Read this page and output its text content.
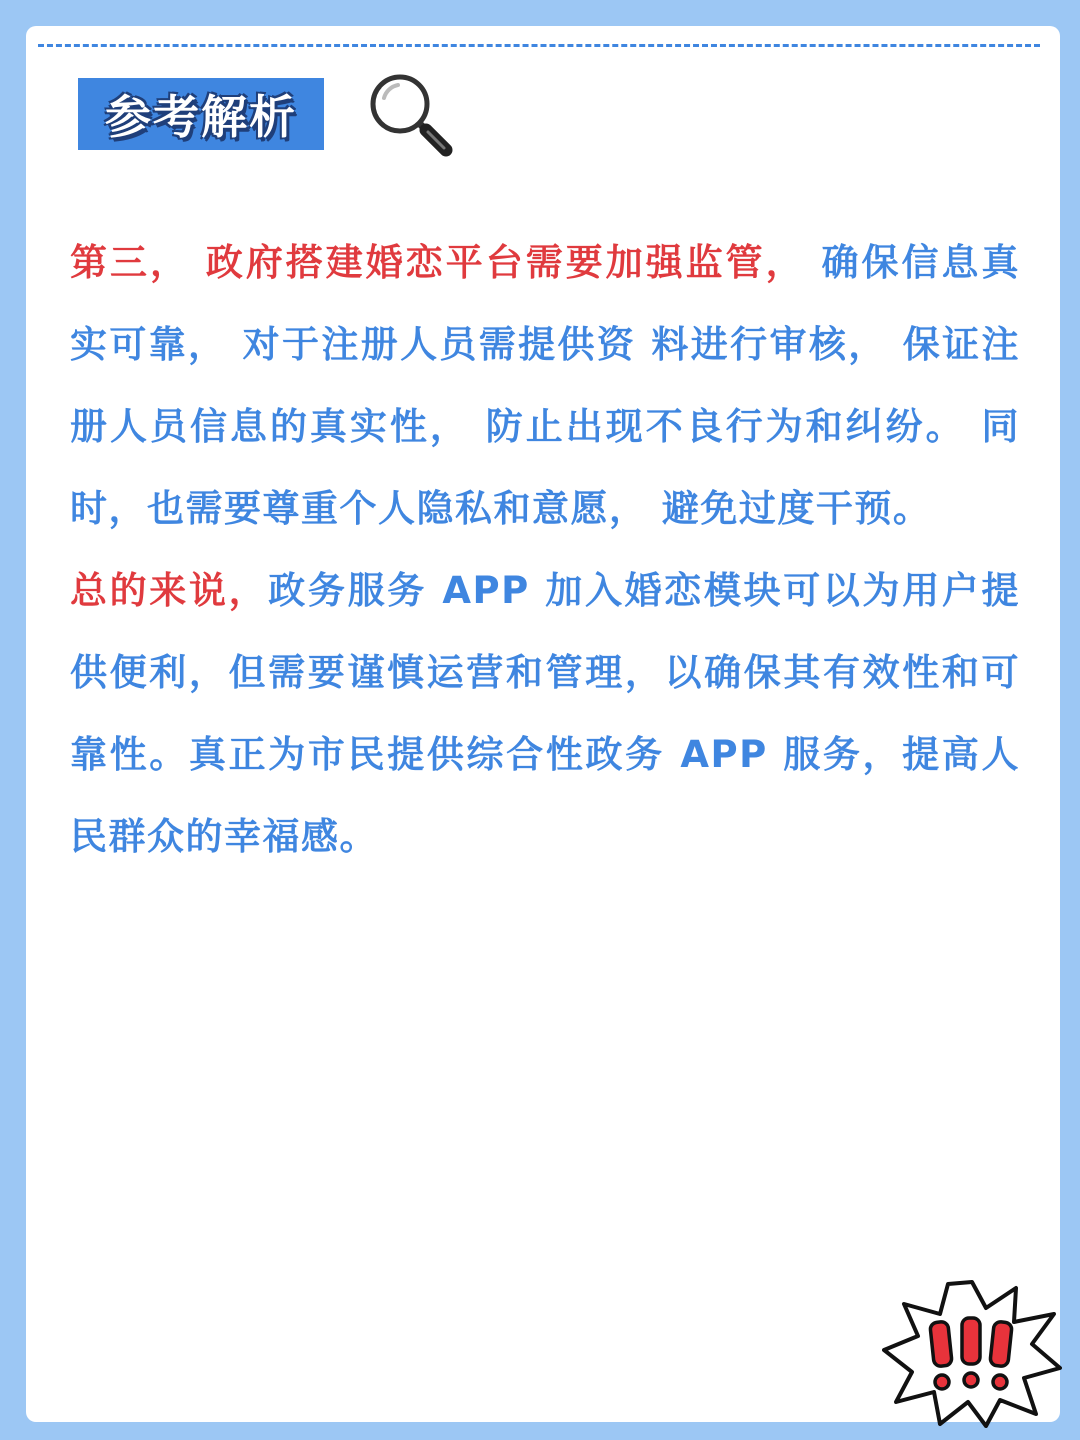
参考解析

第三， 政府搭建婚恋平台需要加强监管， 确保信息真实可靠， 对于注册人员需提供资 料进行审核， 保证注册人员信息的真实性， 防止出现不良行为和纠纷。 同时，也需要尊重个人隐私和意愿， 避免过度干预。

总的来说，政务服务 APP 加入婚恋模块可以为用户提供便利，但需要谨慎运营和管理，以确保其有效性和可靠性。真正为市民提供综合性政务 APP 服务，提高人民群众的幸福感。
